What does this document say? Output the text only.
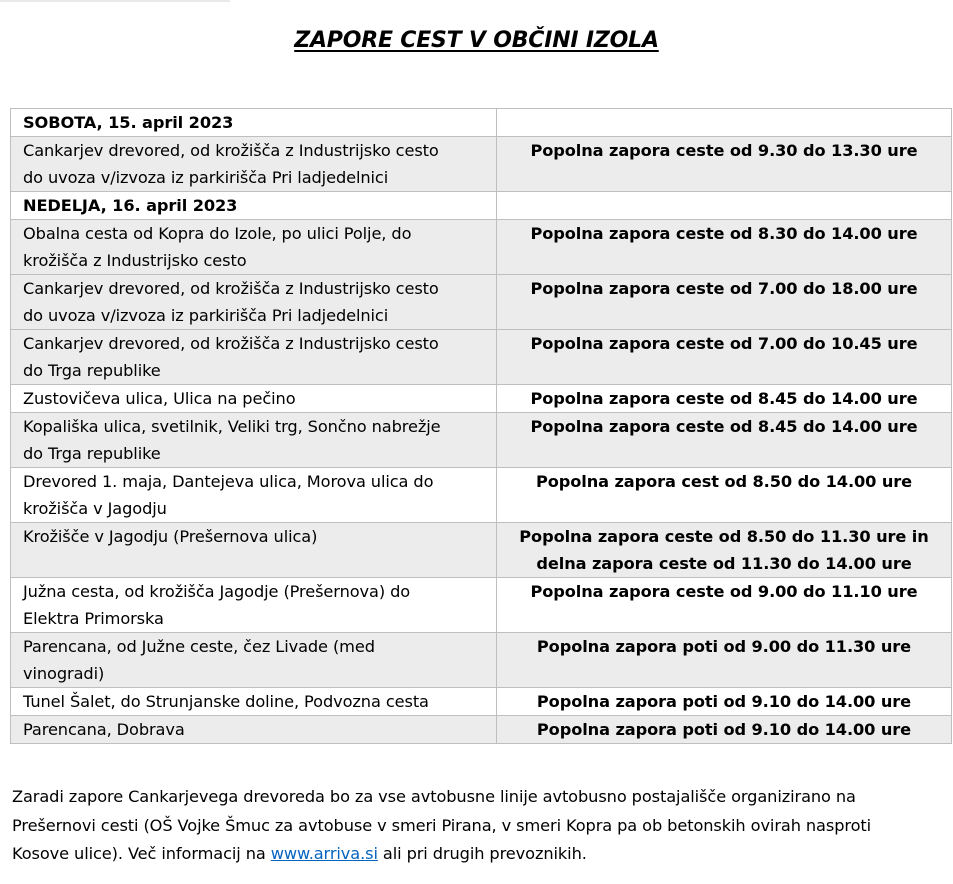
ZAPORE CEST V OBČINI IZOLA
SOBOTA, 15. april 2023	

Cankarjev drevored, od krožišča z Industrijsko cesto
do uvoza v/izvoza iz parkirišča Pri ladjedelnici	Popolna zapora ceste od 9.30 do 13.30 ure

NEDELJA, 16. april 2023	

Obalna cesta od Kopra do Izole, po ulici Polje, do
krožišča z Industrijsko cesto	Popolna zapora ceste od 8.30 do 14.00 ure

Cankarjev drevored, od krožišča z Industrijsko cesto
do uvoza v/izvoza iz parkirišča Pri ladjedelnici	Popolna zapora ceste od 7.00 do 18.00 ure

Cankarjev drevored, od krožišča z Industrijsko cesto
do Trga republike	Popolna zapora ceste od 7.00 do 10.45 ure

Zustovičeva ulica, Ulica na pečino	Popolna zapora ceste od 8.45 do 14.00 ure

Kopališka ulica, svetilnik, Veliki trg, Sončno nabrežje
do Trga republike	Popolna zapora ceste od 8.45 do 14.00 ure

Drevored 1. maja, Dantejeva ulica, Morova ulica do
krožišča v Jagodju	Popolna zapora cest od 8.50 do 14.00 ure

Krožišče v Jagodju (Prešernova ulica)	Popolna zapora ceste od 8.50 do 11.30 ure in
delna zapora ceste od 11.30 do 14.00 ure

Južna cesta, od krožišča Jagodje (Prešernova) do
Elektra Primorska	Popolna zapora ceste od 9.00 do 11.10 ure

Parencana, od Južne ceste, čez Livade (med
vinogradi)	Popolna zapora poti od 9.00 do 11.30 ure

Tunel Šalet, do Strunjanske doline, Podvozna cesta	Popolna zapora poti od 9.10 do 14.00 ure

Parencana, Dobrava	Popolna zapora poti od 9.10 do 14.00 ure
Zaradi zapore Cankarjevega drevoreda bo za vse avtobusne linije avtobusno postajališče organizirano na
Prešernovi cesti (OŠ Vojke Šmuc za avtobuse v smeri Pirana, v smeri Kopra pa ob betonskih ovirah nasproti
Kosove ulice). Več informacij na www.arriva.si ali pri drugih prevoznikih.
